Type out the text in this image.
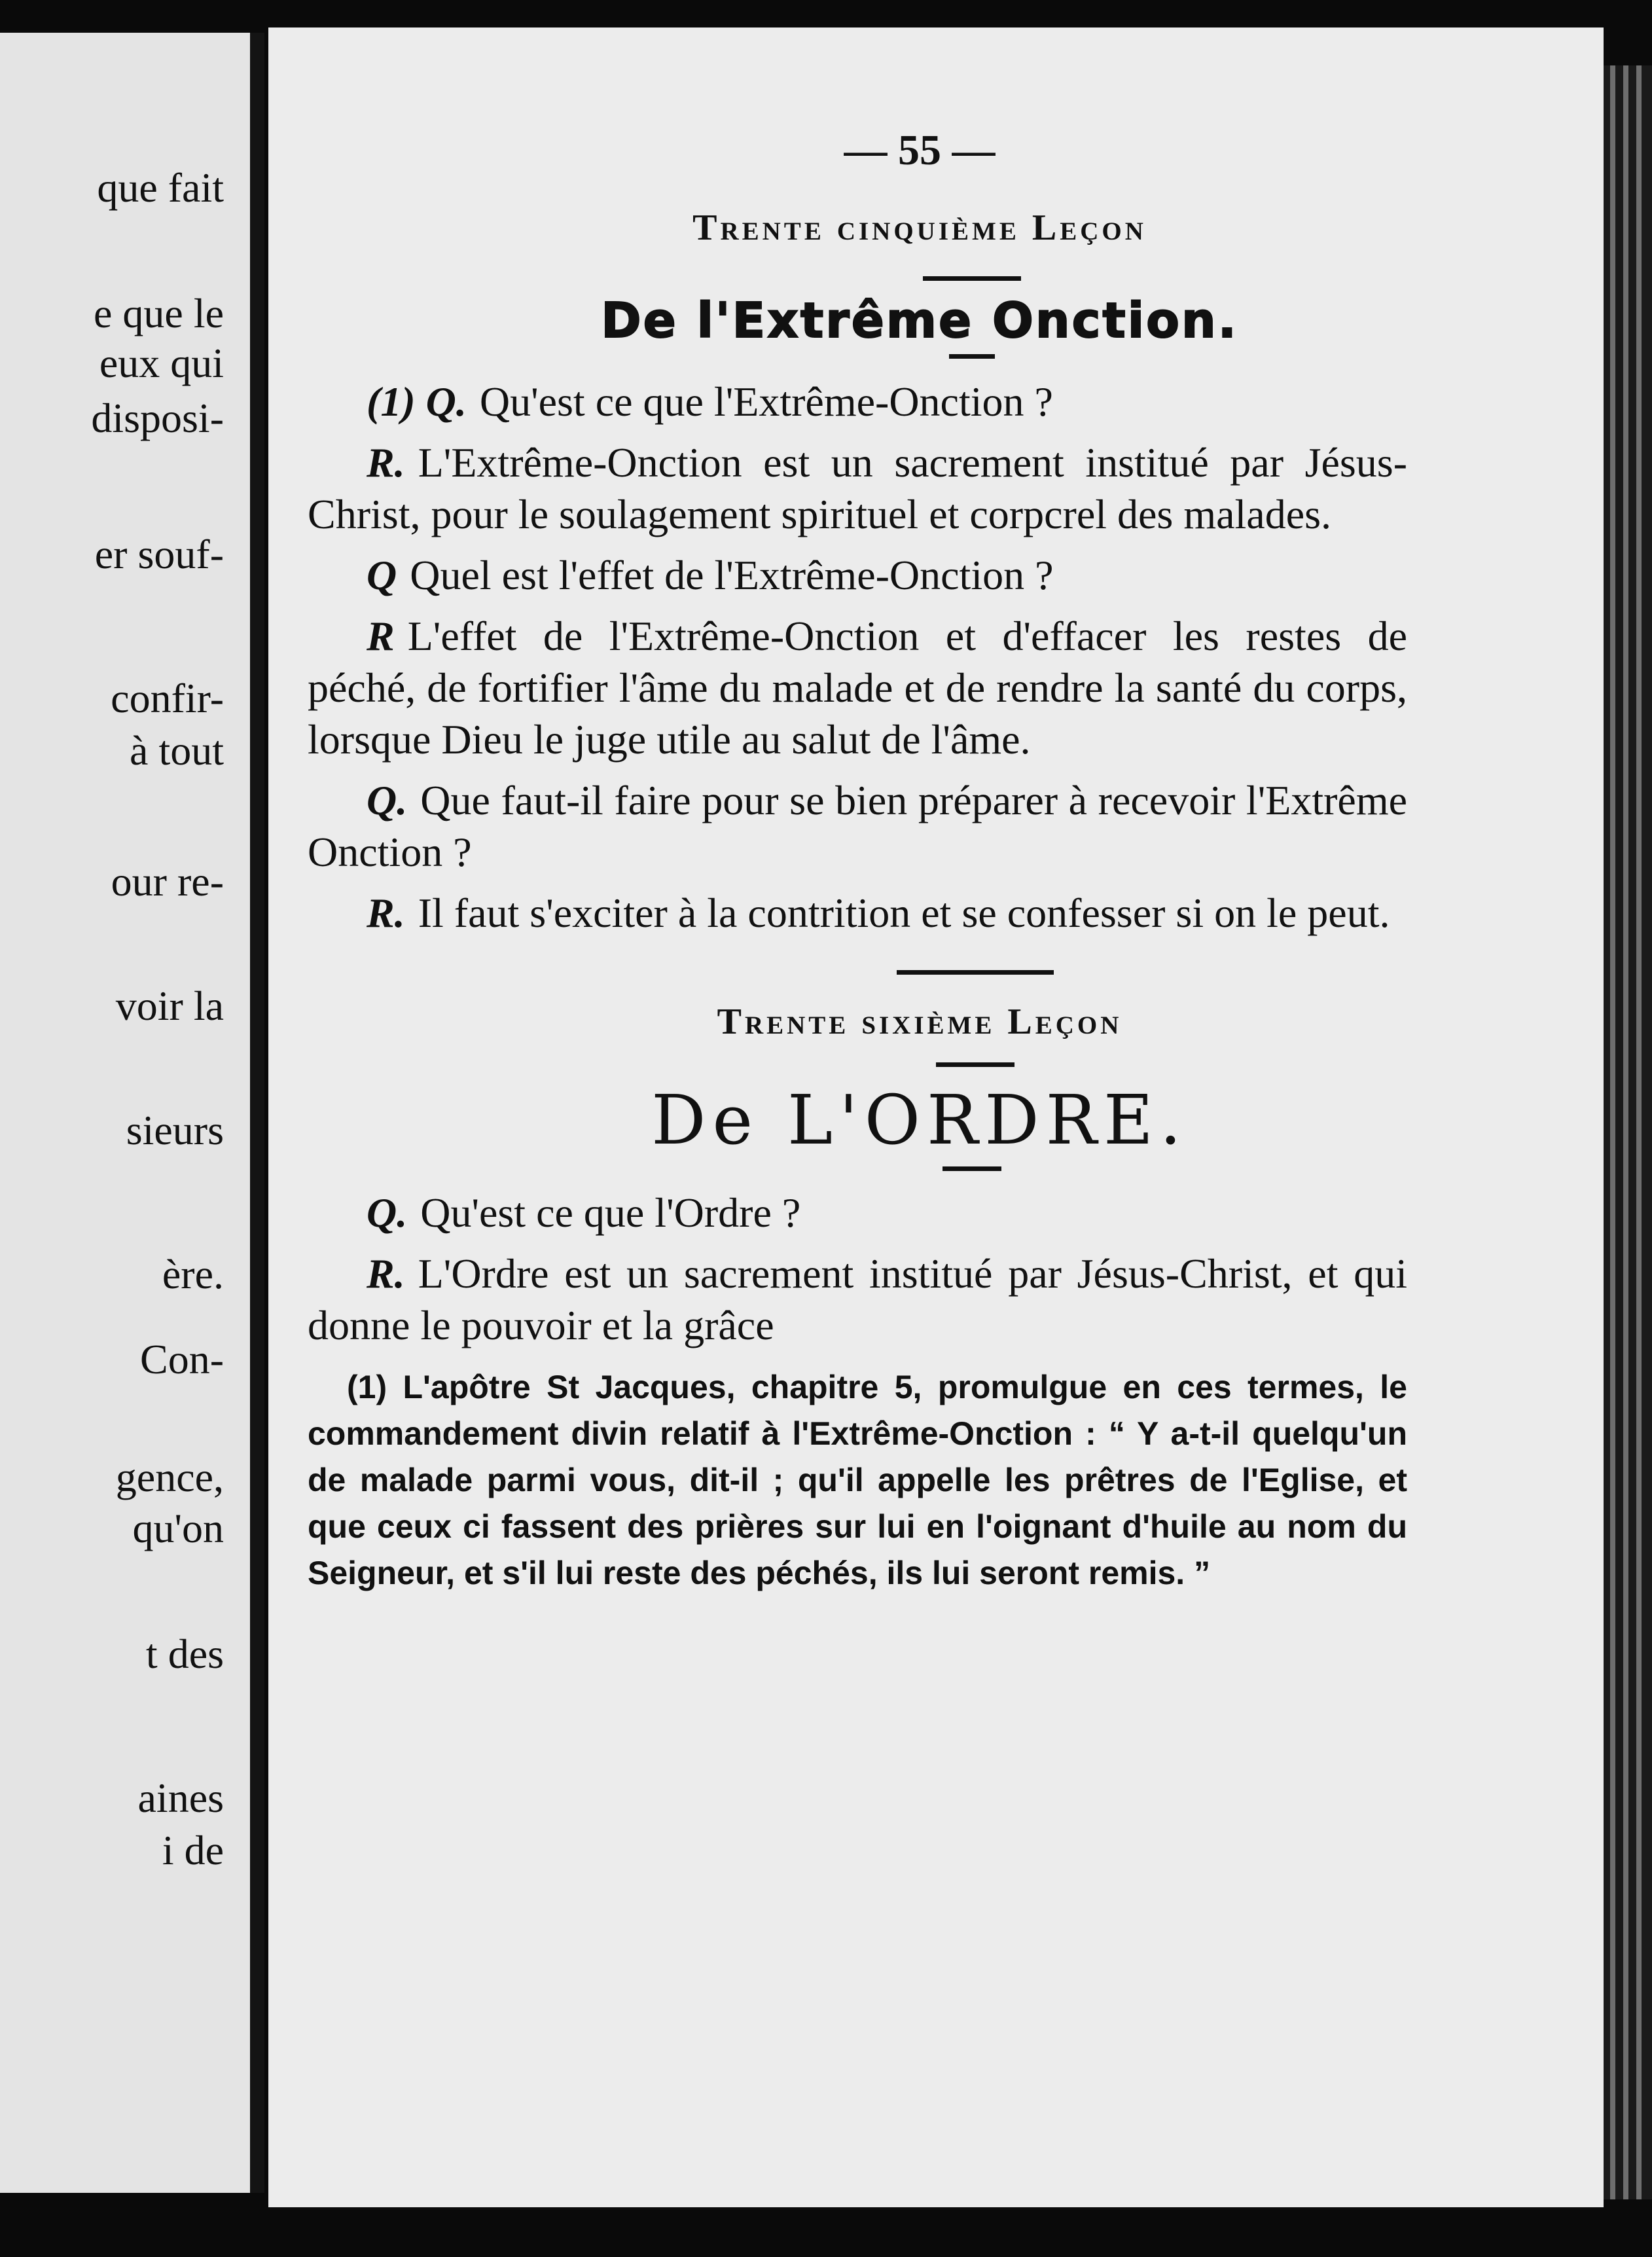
que fait
e que le
eux qui
disposi-
er souf-
confir-
à tout
our re-
voir la
sieurs
ère.
Con-
gence,
qu'on
t des
aines
i de
— 55 —
Trente cinquième Leçon
De l'Extrême Onction.

(1) Q. Qu'est ce que l'Extrême-Onction ?

R. L'Extrême-Onction est un sacrement institué par Jésus-Christ, pour le soulagement spirituel et corpcrel des malades.

Q Quel est l'effet de l'Extrême-Onction ?

R L'effet de l'Extrême-Onction et d'effacer les restes de péché, de fortifier l'âme du malade et de rendre la santé du corps, lorsque Dieu le juge utile au salut de l'âme.

Q. Que faut-il faire pour se bien préparer à recevoir l'Extrême Onction ?

R. Il faut s'exciter à la contrition et se confesser si on le peut.

Trente sixième Leçon
De L'ORDRE.

Q. Qu'est ce que l'Ordre ?

R. L'Ordre est un sacrement institué par Jésus-Christ, et qui donne le pouvoir et la grâce

(1) L'apôtre St Jacques, chapitre 5, promulgue en ces termes, le commandement divin relatif à l'Extrême-Onction : “ Y a-t-il quelqu'un de malade parmi vous, dit-il ; qu'il appelle les prêtres de l'Eglise, et que ceux ci fassent des prières sur lui en l'oignant d'huile au nom du Seigneur, et s'il lui reste des péchés, ils lui seront remis. ”
